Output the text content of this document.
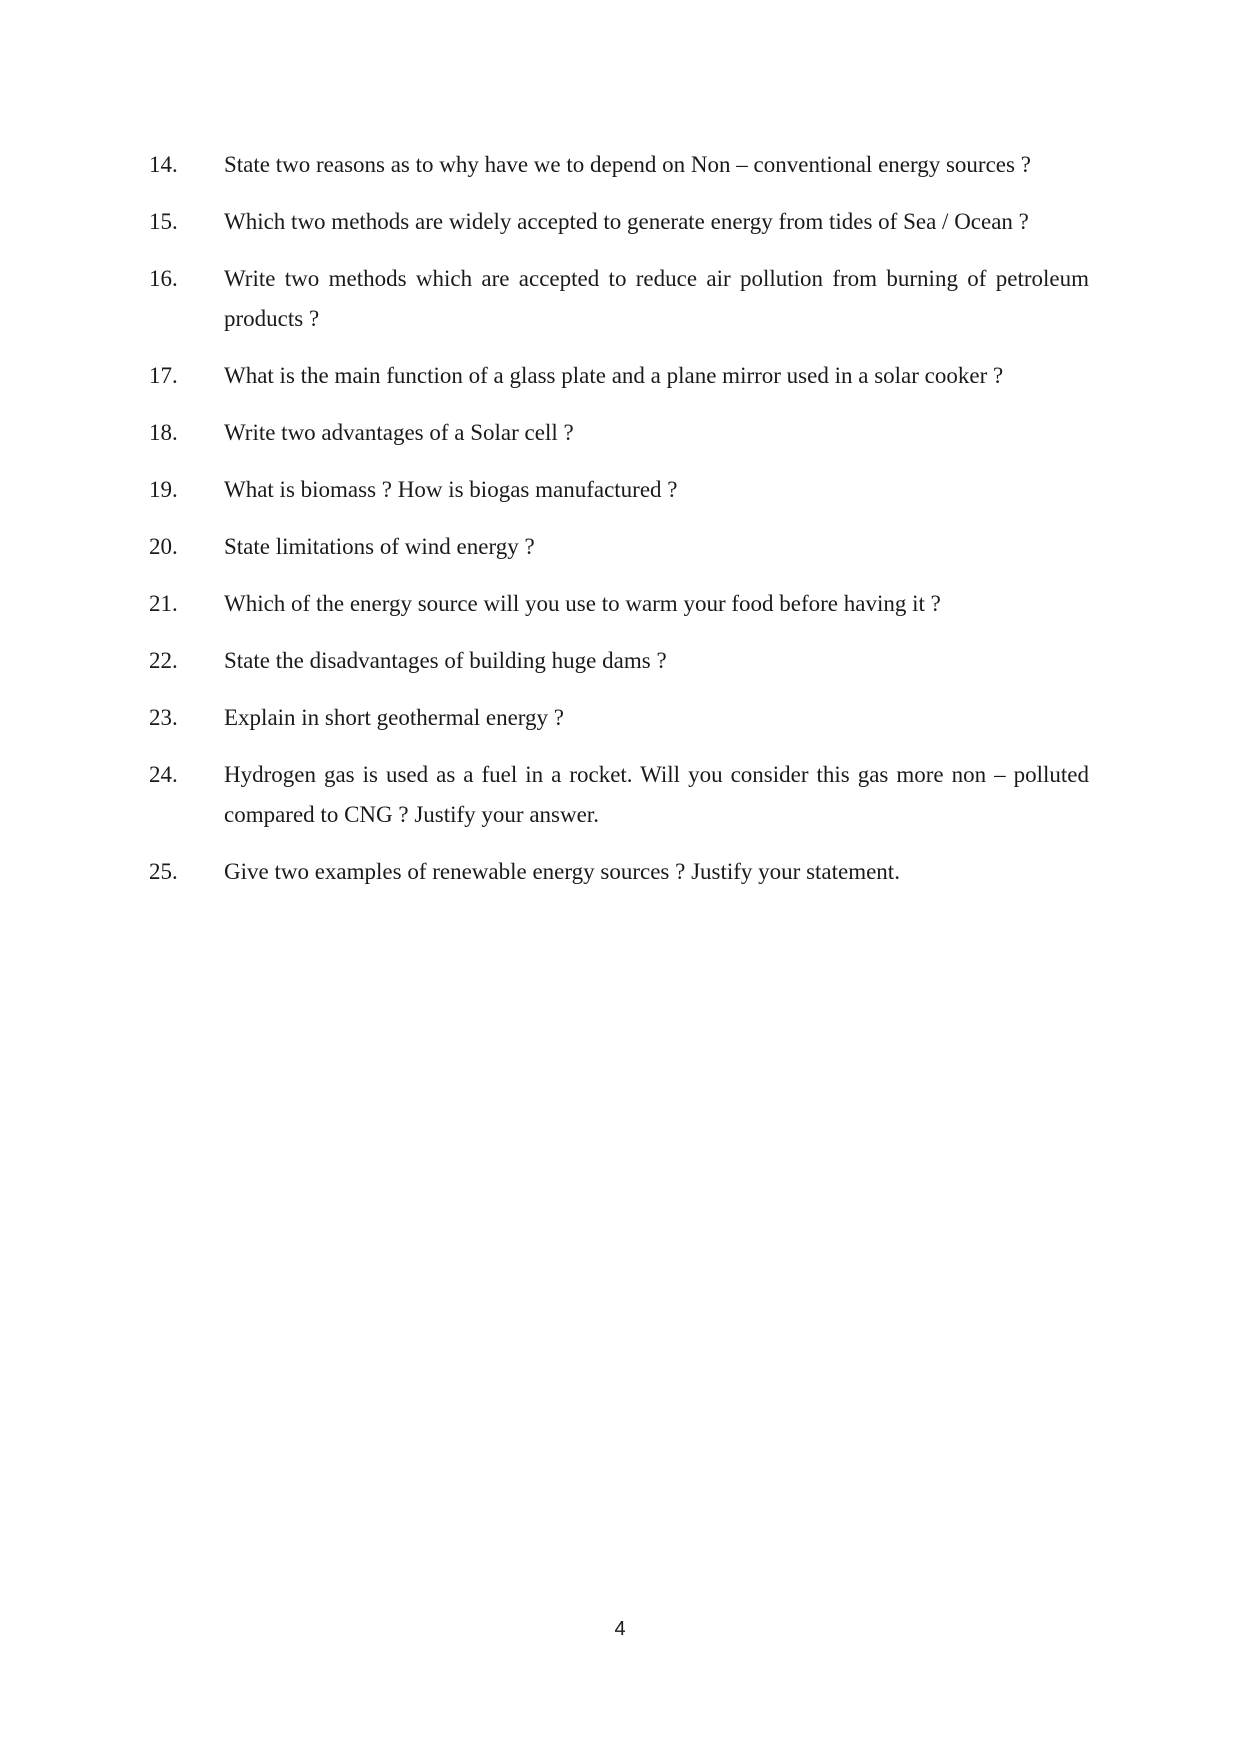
14.	State two reasons as to why have we to depend on Non – conventional energy sources ?
15.	Which two methods are widely accepted to generate energy from tides of Sea / Ocean ?
16.	Write two methods which are accepted to reduce air pollution from burning of petroleum products ?
17.	What is the main function of a glass plate and a plane mirror used in a solar cooker ?
18.	Write two advantages of a Solar cell ?
19.	What is biomass ? How is biogas manufactured ?
20.	State limitations of wind energy ?
21.	Which of the energy source will you use to warm your food before having it ?
22.	State the disadvantages of building huge dams ?
23.	Explain in short geothermal energy ?
24.	Hydrogen gas is used as a fuel in a rocket. Will you consider this gas more non – polluted compared to CNG ? Justify your answer.
25.	Give two examples of renewable energy sources ? Justify your statement.
4
